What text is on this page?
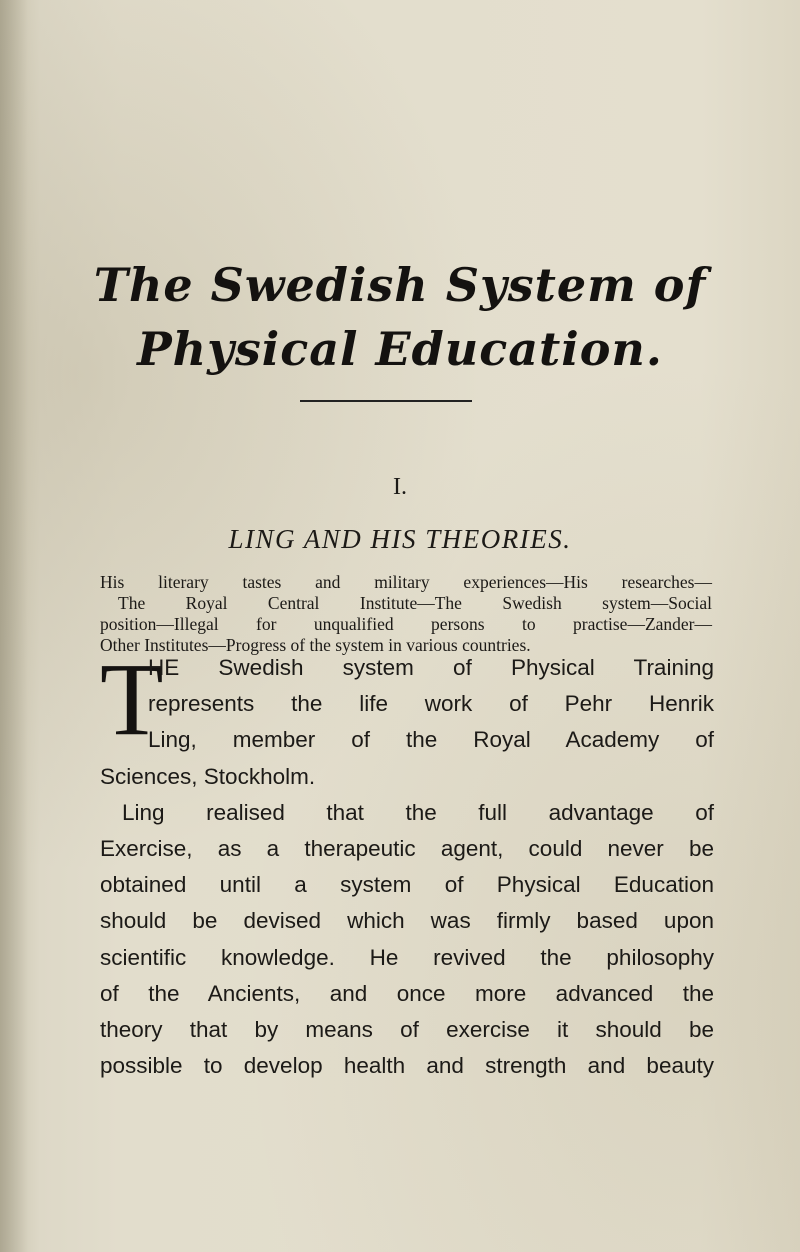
The Swedish System of
Physical Education.
I.
LING AND HIS THEORIES.
His literary tastes and military experiences—His researches—
The Royal Central Institute—The Swedish system—Social
position—Illegal for unqualified persons to practise—Zander—
Other Institutes—Progress of the system in various countries.
T
HE Swedish system of Physical Training
represents the life work of Pehr Henrik
Ling, member of the Royal Academy of
Sciences, Stockholm.
Ling realised that the full advantage of
Exercise, as a therapeutic agent, could never be
obtained until a system of Physical Education
should be devised which was firmly based upon
scientific knowledge. He revived the philosophy
of the Ancients, and once more advanced the
theory that by means of exercise it should be
possible to develop health and strength and beauty
